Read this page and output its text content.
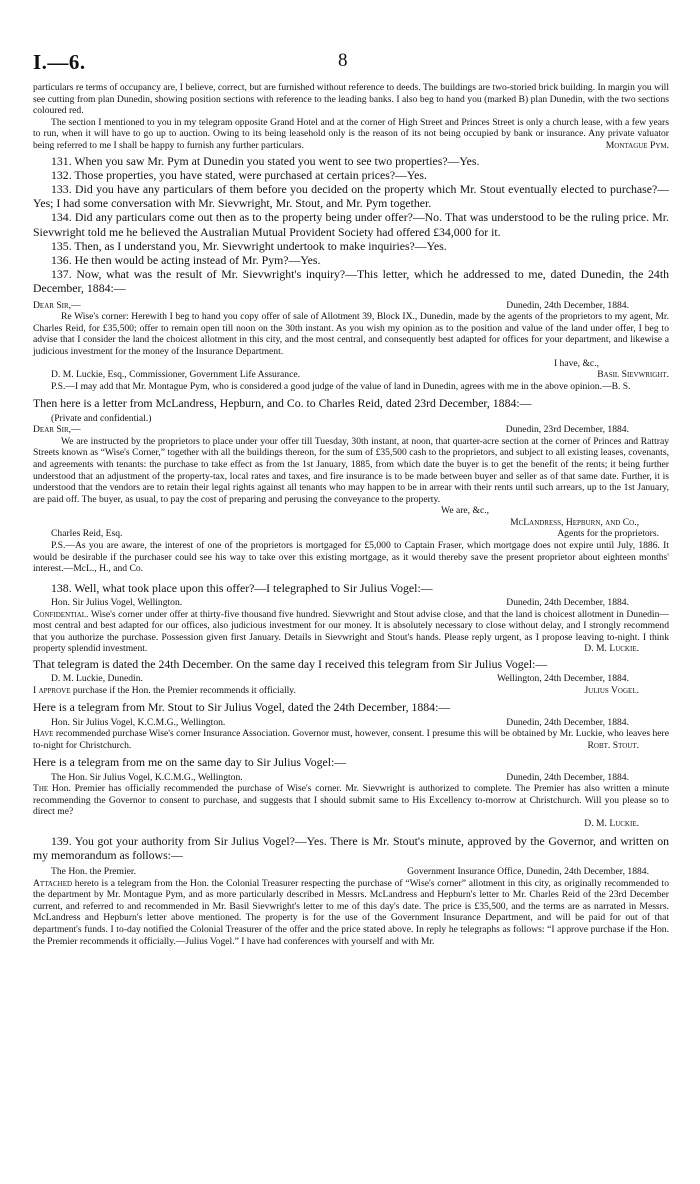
I.—6.	8

particulars re terms of occupancy are, I believe, correct, but are furnished without reference to deeds. The buildings are two-storied brick building. In margin you will see cutting from plan Dunedin, showing position sections with reference to the leading banks. I also beg to hand you (marked B) plan Dunedin, with the two sections coloured red.

The section I mentioned to you in my telegram opposite Grand Hotel and at the corner of High Street and Princes Street is only a church lease, with a few years to run, when it will have to go up to auction. Owing to its being leasehold only is the reason of its not being occupied by bank or insurance. Any private valuator being referred to me I shall be happy to furnish any further particulars.	Montague Pym.

131. When you saw Mr. Pym at Dunedin you stated you went to see two properties?—Yes.

132. Those properties, you have stated, were purchased at certain prices?—Yes.

133. Did you have any particulars of them before you decided on the property which Mr. Stout eventually elected to purchase?—Yes; I had some conversation with Mr. Sievwright, Mr. Stout, and Mr. Pym together.

134. Did any particulars come out then as to the property being under offer?—No. That was understood to be the ruling price. Mr. Sievwright told me he believed the Australian Mutual Provident Society had offered £34,000 for it.

135. Then, as I understand you, Mr. Sievwright undertook to make inquiries?—Yes.

136. He then would be acting instead of Mr. Pym?—Yes.

137. Now, what was the result of Mr. Sievwright's inquiry?—This letter, which he addressed to me, dated Dunedin, the 24th December, 1884:—

Dear Sir,—	Dunedin, 24th December, 1884.

Re Wise's corner: Herewith I beg to hand you copy offer of sale of Allotment 39, Block IX., Dunedin, made by the agents of the proprietors to my agent, Mr. Charles Reid, for £35,500; offer to remain open till noon on the 30th instant. As you wish my opinion as to the position and value of the land under offer, I beg to advise that I consider the land the choicest allotment in this city, and the most central, and consequently best adapted for offices for your department, and likewise a judicious investment for the money of the Insurance Department.

I have, &c.,
D. M. Luckie, Esq., Commissioner, Government Life Assurance.	Basil Sievwright.

P.S.—I may add that Mr. Montague Pym, who is considered a good judge of the value of land in Dunedin, agrees with me in the above opinion.—B. S.

Then here is a letter from McLandress, Hepburn, and Co. to Charles Reid, dated 23rd December, 1884:—

(Private and confidential.)

Dear Sir,—	Dunedin, 23rd December, 1884.

We are instructed by the proprietors to place under your offer till Tuesday, 30th instant, at noon, that quarter-acre section at the corner of Princes and Rattray Streets known as “Wise's Corner,” together with all the buildings thereon, for the sum of £35,500 cash to the proprietors, and subject to all existing leases, covenants, and agreements with tenants: the purchase to take effect as from the 1st January, 1885, from which date the buyer is to get the benefit of the rents; it being further understood that an adjustment of the property-tax, local rates and taxes, and fire insurance is to be made between buyer and seller as of that same date. Further, it is understood that the vendors are to retain their legal rights against all tenants who may happen to be in arrear with their rents until such arrears, up to the 1st January, are paid off. The buyer, as usual, to pay the cost of preparing and perusing the conveyance to the property.

We are, &c.,
McLandress, Hepburn, and Co.,
Charles Reid, Esq.	Agents for the proprietors.

P.S.—As you are aware, the interest of one of the proprietors is mortgaged for £5,000 to Captain Fraser, which mortgage does not expire until July, 1886. It would be desirable if the purchaser could see his way to take over this existing mortgage, as it would thereby save the present proprietor about eighteen months' interest.—McL., H., and Co.

138. Well, what took place upon this offer?—I telegraphed to Sir Julius Vogel:—

Hon. Sir Julius Vogel, Wellington.	Dunedin, 24th December, 1884.

Confidential. Wise's corner under offer at thirty-five thousand five hundred. Sievwright and Stout advise close, and that the land is choicest allotment in Dunedin—most central and best adapted for our offices, also judicious investment for our money. It is absolutely necessary to close without delay, and I strongly recommend that you authorize the purchase. Possession given first January. Details in Sievwright and Stout's hands. Please reply urgent, as I propose leaving to-night. I think property splendid investment.	D. M. Luckie.

That telegram is dated the 24th December. On the same day I received this telegram from Sir Julius Vogel:—

D. M. Luckie, Dunedin.	Wellington, 24th December, 1884.
I approve purchase if the Hon. the Premier recommends it officially.	Julius Vogel.

Here is a telegram from Mr. Stout to Sir Julius Vogel, dated the 24th December, 1884:—

Hon. Sir Julius Vogel, K.C.M.G., Wellington.	Dunedin, 24th December, 1884.

Have recommended purchase Wise's corner Insurance Association. Governor must, however, consent. I presume this will be obtained by Mr. Luckie, who leaves here to-night for Christchurch.	Robt. Stout.

Here is a telegram from me on the same day to Sir Julius Vogel:—

The Hon. Sir Julius Vogel, K.C.M.G., Wellington.	Dunedin, 24th December, 1884.

The Hon. Premier has officially recommended the purchase of Wise's corner. Mr. Sievwright is authorized to complete. The Premier has also written a minute recommending the Governor to consent to purchase, and suggests that I should submit same to His Excellency to-morrow at Christchurch. Will you please so to direct me?

D. M. Luckie.

139. You got your authority from Sir Julius Vogel?—Yes. There is Mr. Stout's minute, approved by the Governor, and written on my memorandum as follows:—

The Hon. the Premier.	Government Insurance Office, Dunedin, 24th December, 1884.

Attached hereto is a telegram from the Hon. the Colonial Treasurer respecting the purchase of “Wise's corner” allotment in this city, as originally recommended to the department by Mr. Montague Pym, and as more particularly described in Messrs. McLandress and Hepburn's letter to Mr. Charles Reid of the 23rd December current, and referred to and recommended in Mr. Basil Sievwright's letter to me of this day's date. The price is £35,500, and the terms are as narrated in Messrs. McLandress and Hepburn's letter above mentioned. The property is for the use of the Government Insurance Department, and will be paid for out of that department's funds. I to-day notified the Colonial Treasurer of the offer and the price stated above. In reply he telegraphs as follows: “I approve purchase if the Hon. the Premier recommends it officially.—Julius Vogel.” I have had conferences with yourself and with Mr.
